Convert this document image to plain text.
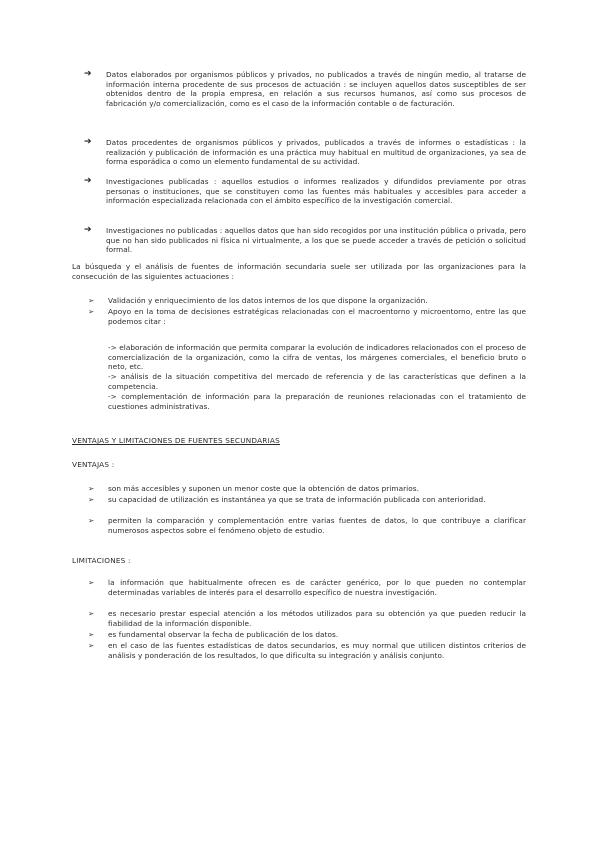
➔ Datos elaborados por organismos públicos y privados, no publicados a través de ningún medio, al tratarse de información interna procedente de sus procesos de actuación : se incluyen aquellos datos susceptibles de ser obtenidos dentro de la propia empresa, en relación a sus recursos humanos, así como sus procesos de fabricación y/o comercialización, como es el caso de la información contable o de facturación.
➔ Datos procedentes de organismos públicos y privados, publicados a través de informes o estadísticas : la realización y publicación de información es una práctica muy habitual en multitud de organizaciones, ya sea de forma esporádica o como un elemento fundamental de su actividad.
➔ Investigaciones publicadas : aquellos estudios o informes realizados y difundidos previamente por otras personas o instituciones, que se constituyen como las fuentes más habituales y accesibles para acceder a información especializada relacionada con el ámbito específico de la investigación comercial.
➔ Investigaciones no publicadas : aquellos datos que han sido recogidos por una institución pública o privada, pero que no han sido publicados ni física ni virtualmente, a los que se puede acceder a través de petición o solicitud formal.
La búsqueda y el análisis de fuentes de información secundaria suele ser utilizada por las organizaciones para la consecución de las siguientes actuaciones :
➢ Validación y enriquecimiento de los datos internos de los que dispone la organización.
➢ Apoyo en la toma de decisiones estratégicas relacionadas con el macroentorno y microentorno, entre las que podemos citar :
-> elaboración de información que permita comparar la evolución de indicadores relacionados con el proceso de comercialización de la organización, como la cifra de ventas, los márgenes comerciales, el beneficio bruto o neto, etc.
-> análisis de la situación competitiva del mercado de referencia y de las características que definen a la competencia.
-> complementación de información para la preparación de reuniones relacionadas con el tratamiento de cuestiones administrativas.
VENTAJAS Y LIMITACIONES DE FUENTES SECUNDARIAS
VENTAJAS :
➢ son más accesibles y suponen un menor coste que la obtención de datos primarios.
➢ su capacidad de utilización es instantánea ya que se trata de información publicada con anterioridad.
➢ permiten la comparación y complementación entre varias fuentes de datos, lo que contribuye a clarificar numerosos aspectos sobre el fenómeno objeto de estudio.
LIMITACIONES :
➢ la información que habitualmente ofrecen es de carácter genérico, por lo que pueden no contemplar determinadas variables de interés para el desarrollo específico de nuestra investigación.
➢ es necesario prestar especial atención a los métodos utilizados para su obtención ya que pueden reducir la fiabilidad de la información disponible.
➢ es fundamental observar la fecha de publicación de los datos.
➢ en el caso de las fuentes estadísticas de datos secundarios, es muy normal que utilicen distintos criterios de análisis y ponderación de los resultados, lo que dificulta su integración y análisis conjunto.
